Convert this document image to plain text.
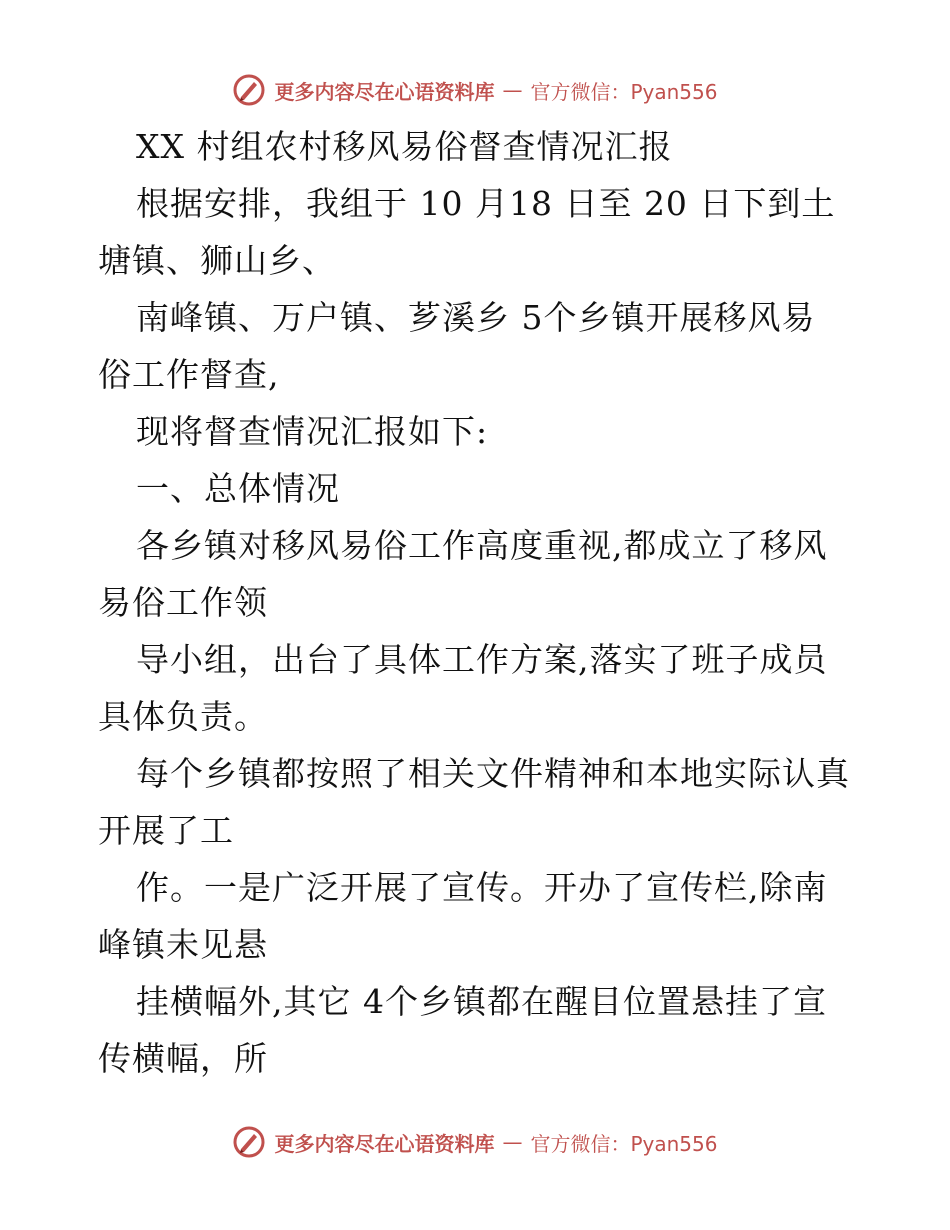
更多内容尽在心语资料库 — 官方微信：Pyan556
XX 村组农村移风易俗督查情况汇报
根据安排，我组于 10 月18 日至 20 日下到土
塘镇、狮山乡、
南峰镇、万户镇、芗溪乡 5个乡镇开展移风易
俗工作督查,
现将督查情况汇报如下:
一、总体情况
各乡镇对移风易俗工作高度重视,都成立了移风
易俗工作领
导小组，出台了具体工作方案,落实了班子成员
具体负责。
每个乡镇都按照了相关文件精神和本地实际认真
开展了工
作。一是广泛开展了宣传。开办了宣传栏,除南
峰镇未见悬
挂横幅外,其它 4个乡镇都在醒目位置悬挂了宣
传横幅，所
更多内容尽在心语资料库 — 官方微信：Pyan556
